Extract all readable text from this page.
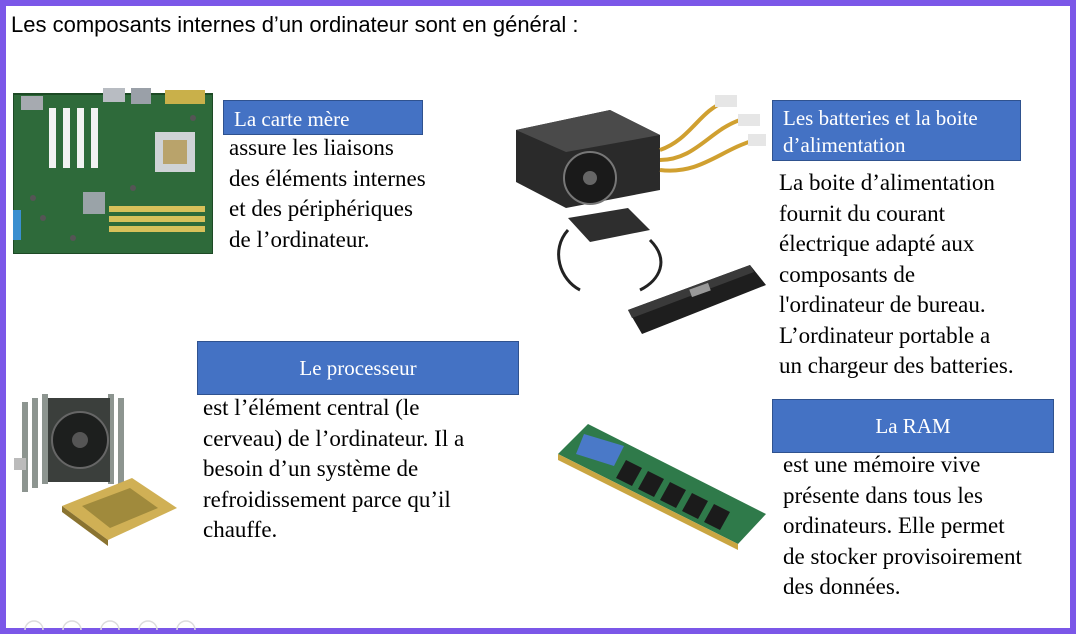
Les composants internes d’un ordinateur sont en général :
La carte mère
assure les liaisons
des éléments internes
et des périphériques
de l’ordinateur.
Les batteries et la boite
d’alimentation
La boite d’alimentation
fournit du courant
électrique adapté aux
composants de
l'ordinateur de bureau.
L’ordinateur portable a
un chargeur des batteries.
Le processeur
est l’élément central (le
cerveau) de l’ordinateur. Il a
besoin d’un système de
refroidissement parce qu’il
chauffe.
La RAM
est une mémoire vive
présente dans tous les
ordinateurs. Elle permet
de stocker provisoirement
des données.
